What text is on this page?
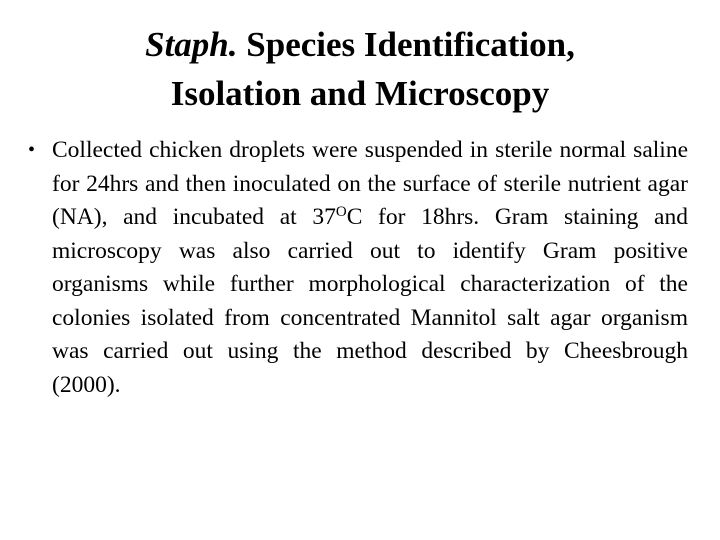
Staph. Species Identification,
Isolation and Microscopy
• Collected chicken droplets were suspended in sterile normal saline for 24hrs and then inoculated on the surface of sterile nutrient agar (NA), and incubated at $37^OC$ for 18hrs. Gram staining and microscopy was also carried out to identify Gram positive organisms while further morphological characterization of the colonies isolated from concentrated Mannitol salt agar organism was carried out using the method described by Cheesbrough (2000).
